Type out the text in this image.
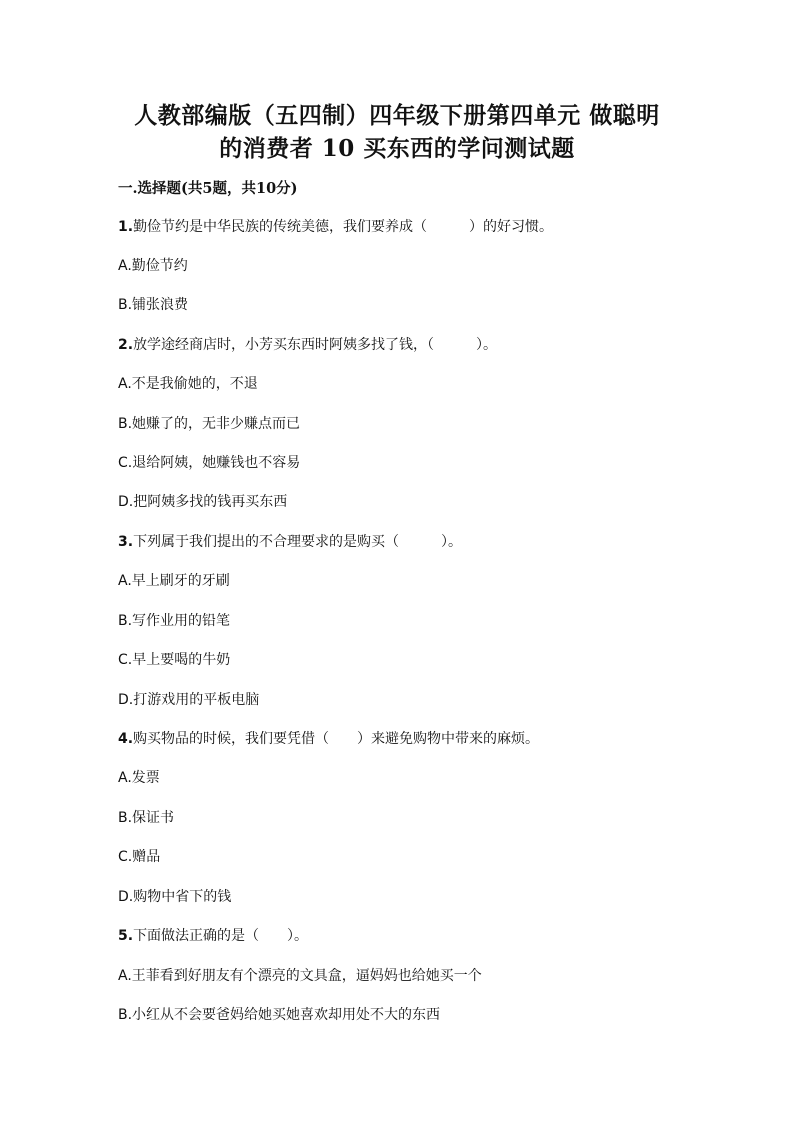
人教部编版（五四制）四年级下册第四单元 做聪明
的消费者 10 买东西的学问测试题
一.选择题(共5题，共10分)
1.勤俭节约是中华民族的传统美德，我们要养成（　　　）的好习惯。
A.勤俭节约
B.铺张浪费
2.放学途经商店时，小芳买东西时阿姨多找了钱，（　　　）。
A.不是我偷她的，不退
B.她赚了的，无非少赚点而已
C.退给阿姨，她赚钱也不容易
D.把阿姨多找的钱再买东西
3.下列属于我们提出的不合理要求的是购买（　　　）。
A.早上刷牙的牙刷
B.写作业用的铅笔
C.早上要喝的牛奶
D.打游戏用的平板电脑
4.购买物品的时候，我们要凭借（　　）来避免购物中带来的麻烦。
A.发票
B.保证书
C.赠品
D.购物中省下的钱
5.下面做法正确的是（　　）。
A.王菲看到好朋友有个漂亮的文具盒，逼妈妈也给她买一个
B.小红从不会要爸妈给她买她喜欢却用处不大的东西
